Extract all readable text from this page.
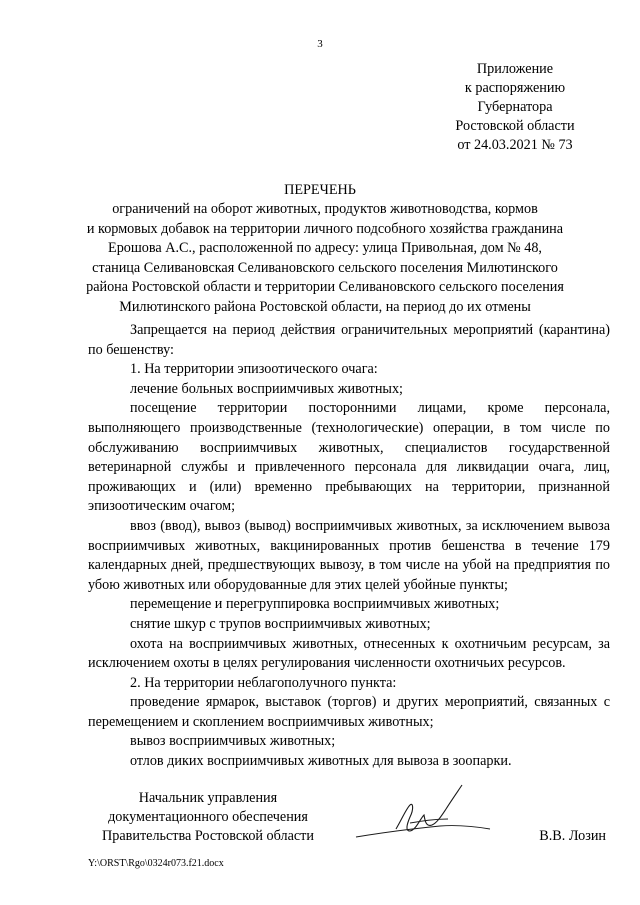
3
Приложение
к распоряжению
Губернатора
Ростовской области
от 24.03.2021 № 73
ПЕРЕЧЕНЬ
ограничений на оборот животных, продуктов животноводства, кормов
и кормовых добавок на территории личного подсобного хозяйства гражданина
Ерошова А.С., расположенной по адресу: улица Привольная, дом № 48,
станица Селивановская Селивановского сельского поселения Милютинского
района Ростовской области и территории Селивановского сельского поселения
Милютинского района Ростовской области, на период до их отмены

Запрещается на период действия ограничительных мероприятий (карантина) по бешенству:

1. На территории эпизоотического очага:

лечение больных восприимчивых животных;

посещение территории посторонними лицами, кроме персонала, выполняющего производственные (технологические) операции, в том числе по обслуживанию восприимчивых животных, специалистов государственной ветеринарной службы и привлеченного персонала для ликвидации очага, лиц, проживающих и (или) временно пребывающих на территории, признанной эпизоотическим очагом;

ввоз (ввод), вывоз (вывод) восприимчивых животных, за исключением вывоза восприимчивых животных, вакцинированных против бешенства в течение 179 календарных дней, предшествующих вывозу, в том числе на убой на предприятия по убою животных или оборудованные для этих целей убойные пункты;

перемещение и перегруппировка восприимчивых животных;

снятие шкур с трупов восприимчивых животных;

охота на восприимчивых животных, отнесенных к охотничьим ресурсам, за исключением охоты в целях регулирования численности охотничьих ресурсов.

2. На территории неблагополучного пункта:

проведение ярмарок, выставок (торгов) и других мероприятий, связанных с перемещением и скоплением восприимчивых животных;

вывоз восприимчивых животных;

отлов диких восприимчивых животных для вывоза в зоопарки.

Начальник управления
документационного обеспечения
Правительства Ростовской области	В.В. Лозин
Y:\ORST\Rgo\0324r073.f21.docx
